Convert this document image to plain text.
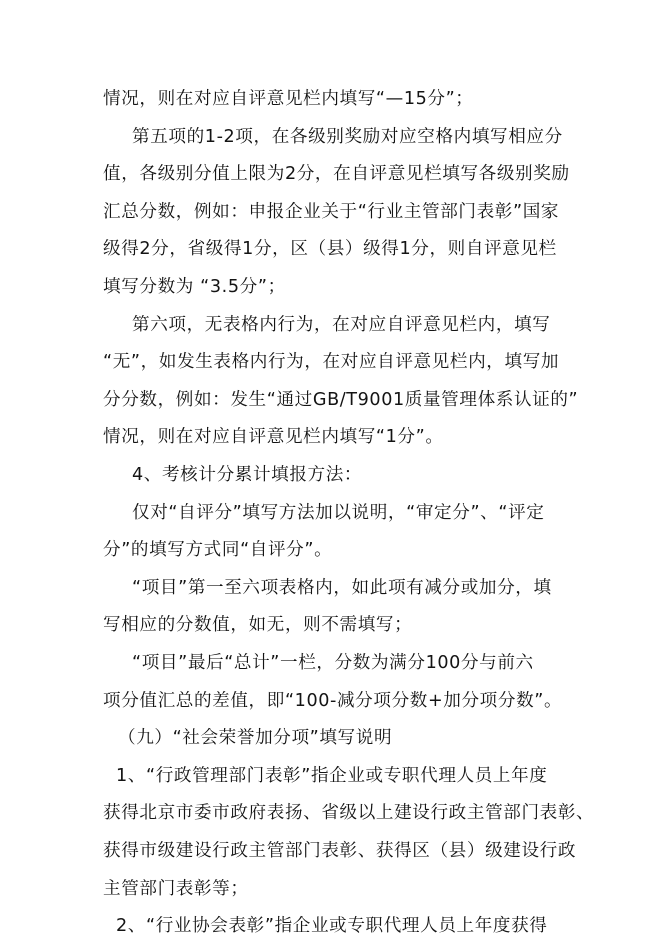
情况，则在对应自评意见栏内填写“—15分”；

第五项的1-2项，在各级别奖励对应空格内填写相应分

值，各级别分值上限为2分，在自评意见栏填写各级别奖励

汇总分数，例如：申报企业关于“行业主管部门表彰”国家

级得2分，省级得1分，区（县）级得1分，则自评意见栏

填写分数为 “3.5分”；

第六项，无表格内行为，在对应自评意见栏内，填写

“无”，如发生表格内行为，在对应自评意见栏内，填写加

分分数，例如：发生“通过GB/T9001质量管理体系认证的”

情况，则在对应自评意见栏内填写“1分”。

4、考核计分累计填报方法：

仅对“自评分”填写方法加以说明，“审定分”、“评定

分”的填写方式同“自评分”。

“项目”第一至六项表格内，如此项有减分或加分，填

写相应的分数值，如无，则不需填写；

“项目”最后“总计”一栏，分数为满分100分与前六

项分值汇总的差值，即“100-减分项分数+加分项分数”。

（九）“社会荣誉加分项”填写说明

1、“行政管理部门表彰”指企业或专职代理人员上年度

获得北京市委市政府表扬、省级以上建设行政主管部门表彰、

获得市级建设行政主管部门表彰、获得区（县）级建设行政

主管部门表彰等；

2、“行业协会表彰”指企业或专职代理人员上年度获得
